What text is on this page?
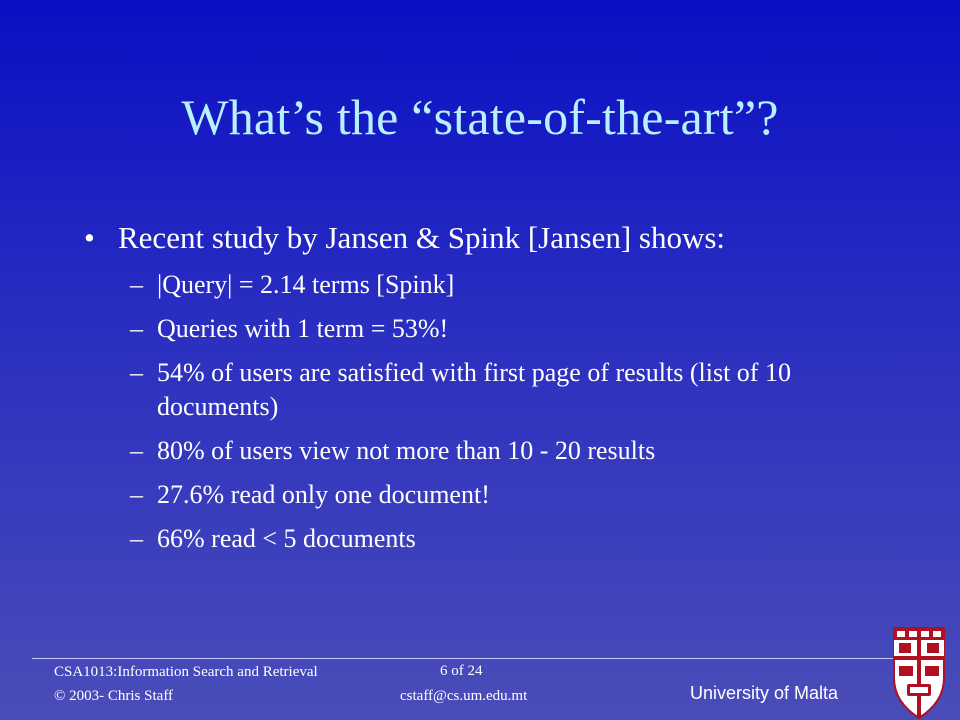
What’s the “state-of-the-art”?
• Recent study by Jansen & Spink [Jansen] shows:
– |Query| = 2.14 terms [Spink]
– Queries with 1 term = 53%!
– 54% of users are satisfied with first page of results (list of 10 documents)
– 80% of users view not more than 10 - 20 results
– 27.6% read only one document!
– 66% read < 5 documents
CSA1013:Information Search and Retrieval
© 2003- Chris Staff
6 of 24
cstaff@cs.um.edu.mt	University of Malta
